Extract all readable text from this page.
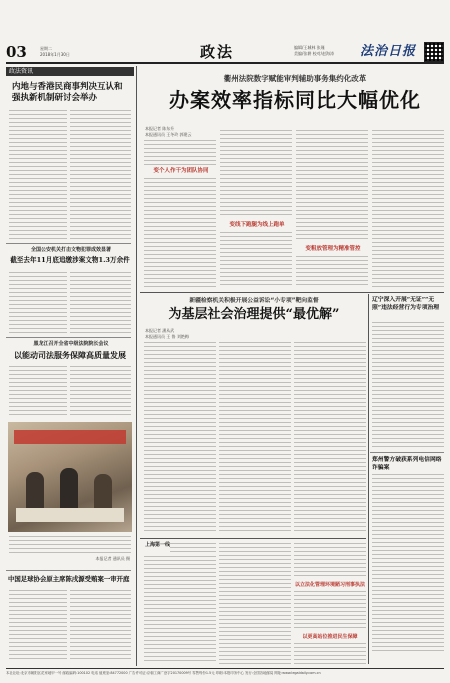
03	星期二
2018年1月30日	政法	编辑/王城林 张瑾
美编/张耕 校对/赵海涛 法治日报
政法资讯
内地与香港民商事判决互认和
强执新机制研讨会举办
全国公安机关打击文物犯罪成效显著
截至去年11月底追缴涉案文物1.3万余件
黑龙江召开全省中级法院院长会议
以能动司法服务保障高质量发展
本报记者 通讯员 摄
中国足球协会原主席陈戌源受贿案一审开庭
衢州法院数字赋能审判辅助事务集约化改革
办案效率指标同比大幅优化
本报记者 陈东升
本报通讯员 王冬玲 郭建云
变个人作干为团队协同
变线下跑腿为线上跑单
变粗放管理为精准管控
辽宁深入开展“无证”“无照”违法经营行为专项治理
郑州警方破获系列电信网络诈骗案
新疆检察机关积极开展公益诉讼“小专项”靶向监督
为基层社会治理提供“最优解”
本报记者 潘从武
本报通讯员 王 鲁 刘艳梅
上海第一线
以立法化管理环境陋习刑事执法
以更高站位推进民生保障
本社社址:北京市朝阳区花家地甲一号 邮政编码:100102 电话 值班室:84772000 广告许可证:京朝工商广登字20170009号 零售每份1.5元 印刷:本报印务中心 发行:全国各地邮局 网址:www.legaldaily.com.cn
